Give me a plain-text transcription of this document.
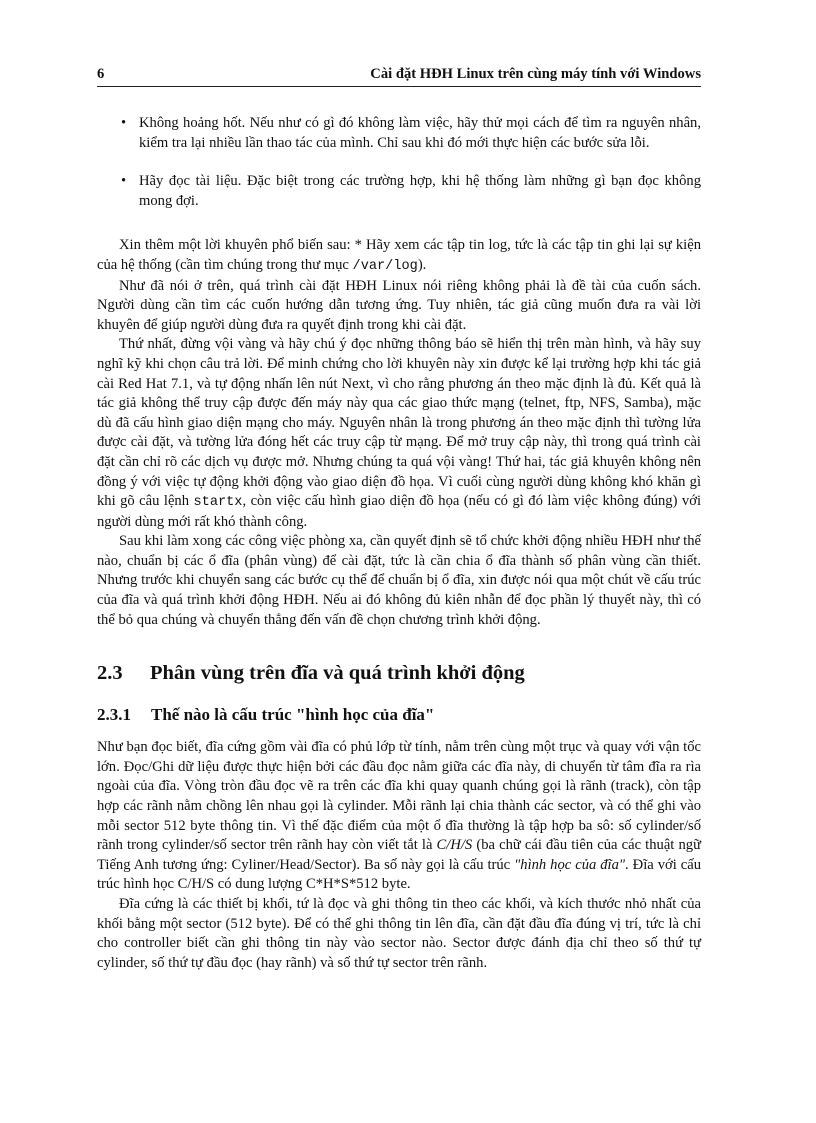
6	Cài đặt HĐH Linux trên cùng máy tính với Windows
• Không hoảng hốt. Nếu như có gì đó không làm việc, hãy thử mọi cách để tìm ra nguyên nhân, kiểm tra lại nhiều lần thao tác của mình. Chỉ sau khi đó mới thực hiện các bước sửa lỗi.
• Hãy đọc tài liệu. Đặc biệt trong các trường hợp, khi hệ thống làm những gì bạn đọc không mong đợi.

Xin thêm một lời khuyên phổ biến sau: * Hãy xem các tập tin log, tức là các tập tin ghi lại sự kiện của hệ thống (cần tìm chúng trong thư mục /var/log).

Như đã nói ở trên, quá trình cài đặt HĐH Linux nói riêng không phải là đề tài của cuốn sách. Người dùng cần tìm các cuốn hướng dẫn tương ứng. Tuy nhiên, tác giả cũng muốn đưa ra vài lời khuyên để giúp người dùng đưa ra quyết định trong khi cài đặt.

Thứ nhất, đừng vội vàng và hãy chú ý đọc những thông báo sẽ hiển thị trên màn hình, và hãy suy nghĩ kỹ khi chọn câu trả lời. Để minh chứng cho lời khuyên này xin được kể lại trường hợp khi tác giả cài Red Hat 7.1, và tự động nhấn lên nút Next, vì cho rằng phương án theo mặc định là đủ. Kết quả là tác giả không thể truy cập được đến máy này qua các giao thức mạng (telnet, ftp, NFS, Samba), mặc dù đã cấu hình giao diện mạng cho máy. Nguyên nhân là trong phương án theo mặc định thì tường lửa được cài đặt, và tường lửa đóng hết các truy cập từ mạng. Để mở truy cập này, thì trong quá trình cài đặt cần chỉ rõ các dịch vụ được mở. Nhưng chúng ta quá vội vàng! Thứ hai, tác giả khuyên không nên đồng ý với việc tự động khởi động vào giao diện đồ họa. Vì cuối cùng người dùng không khó khăn gì khi gõ câu lệnh startx, còn việc cấu hình giao diện đồ họa (nếu có gì đó làm việc không đúng) với người dùng mới rất khó thành công.

Sau khi làm xong các công việc phòng xa, cần quyết định sẽ tổ chức khởi động nhiều HĐH như thế nào, chuẩn bị các ổ đĩa (phân vùng) để cài đặt, tức là cần chia ổ đĩa thành số phân vùng cần thiết. Nhưng trước khi chuyển sang các bước cụ thể để chuẩn bị ổ đĩa, xin được nói qua một chút về cấu trúc của đĩa và quá trình khởi động HĐH. Nếu ai đó không đủ kiên nhẫn để đọc phần lý thuyết này, thì có thể bỏ qua chúng và chuyển thẳng đến vấn đề chọn chương trình khởi động.

2.3	Phân vùng trên đĩa và quá trình khởi động
2.3.1	Thế nào là cấu trúc "hình học của đĩa"

Như bạn đọc biết, đĩa cứng gồm vài đĩa có phủ lớp từ tính, nằm trên cùng một trục và quay với vận tốc lớn. Đọc/Ghi dữ liệu được thực hiện bởi các đầu đọc nằm giữa các đĩa này, di chuyển từ tâm đĩa ra rìa ngoài của đĩa. Vòng tròn đầu đọc vẽ ra trên các đĩa khi quay quanh chúng gọi là rãnh (track), còn tập hợp các rãnh nằm chồng lên nhau gọi là cylinder. Mỗi rãnh lại chia thành các sector, và có thể ghi vào mỗi sector 512 byte thông tin. Vì thế đặc điểm của một ổ đĩa thường là tập hợp ba sô: số cylinder/số rãnh trong cylinder/số sector trên rãnh hay còn viết tắt là C/H/S (ba chữ cái đầu tiên của các thuật ngữ Tiếng Anh tương ứng: Cyliner/Head/Sector). Ba số này gọi là cấu trúc "hình học của đĩa". Đĩa với cấu trúc hình học C/H/S có dung lượng C*H*S*512 byte.

Đĩa cứng là các thiết bị khối, tứ là đọc và ghi thông tin theo các khối, và kích thước nhỏ nhất của khối bằng một sector (512 byte). Để có thể ghi thông tin lên đĩa, cần đặt đầu đĩa đúng vị trí, tức là chỉ cho controller biết cần ghi thông tin này vào sector nào. Sector được đánh địa chỉ theo số thứ tự cylinder, số thứ tự đầu đọc (hay rãnh) và số thứ tự sector trên rãnh.
